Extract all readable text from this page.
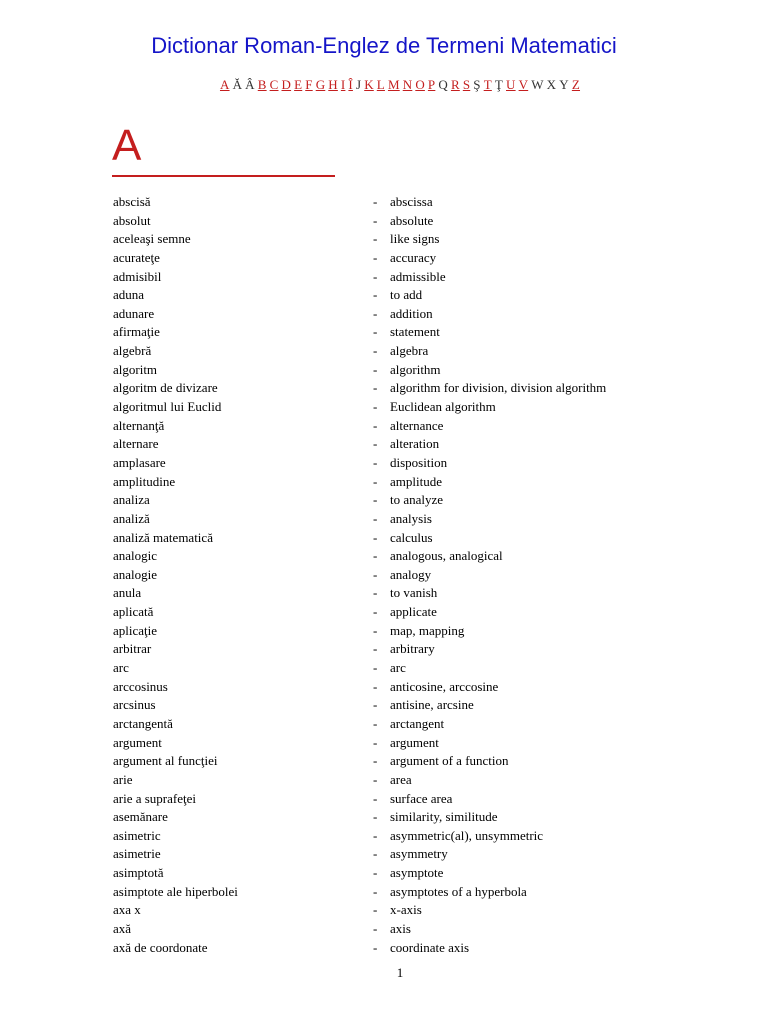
Dictionar Roman-Englez de Termeni Matematici
A Ă Â B C D E F G H I Î J K L M N O P Q R S Ş T Ţ U V W X Y Z
A
abscisă	- abscissa
absolut	- absolute
aceleaşi semne	- like signs
acurateţe	- accuracy
admisibil	- admissible
aduna	- to add
adunare	- addition
afirmaţie	- statement
algebră	- algebra
algoritm	- algorithm
algoritm de divizare	- algorithm for division, division algorithm
algoritmul lui Euclid	- Euclidean algorithm
alternanţă	- alternance
alternare	- alteration
amplasare	- disposition
amplitudine	- amplitude
analiza	- to analyze
analiză	- analysis
analiză matematică	- calculus
analogic	- analogous, analogical
analogie	- analogy
anula	- to vanish
aplicată	- applicate
aplicaţie	- map, mapping
arbitrar	- arbitrary
arc	- arc
arccosinus	- anticosine, arccosine
arcsinus	- antisine, arcsine
arctangentă	- arctangent
argument	- argument
argument al funcţiei	- argument of a function
arie	- area
arie a suprafeţei	- surface area
asemănare	- similarity, similitude
asimetric	- asymmetric(al), unsymmetric
asimetrie	- asymmetry
asimptotă	- asymptote
asimptote ale hiperbolei	- asymptotes of a hyperbola
axa x	- x-axis
axă	- axis
axă de coordonate	- coordinate axis
1
